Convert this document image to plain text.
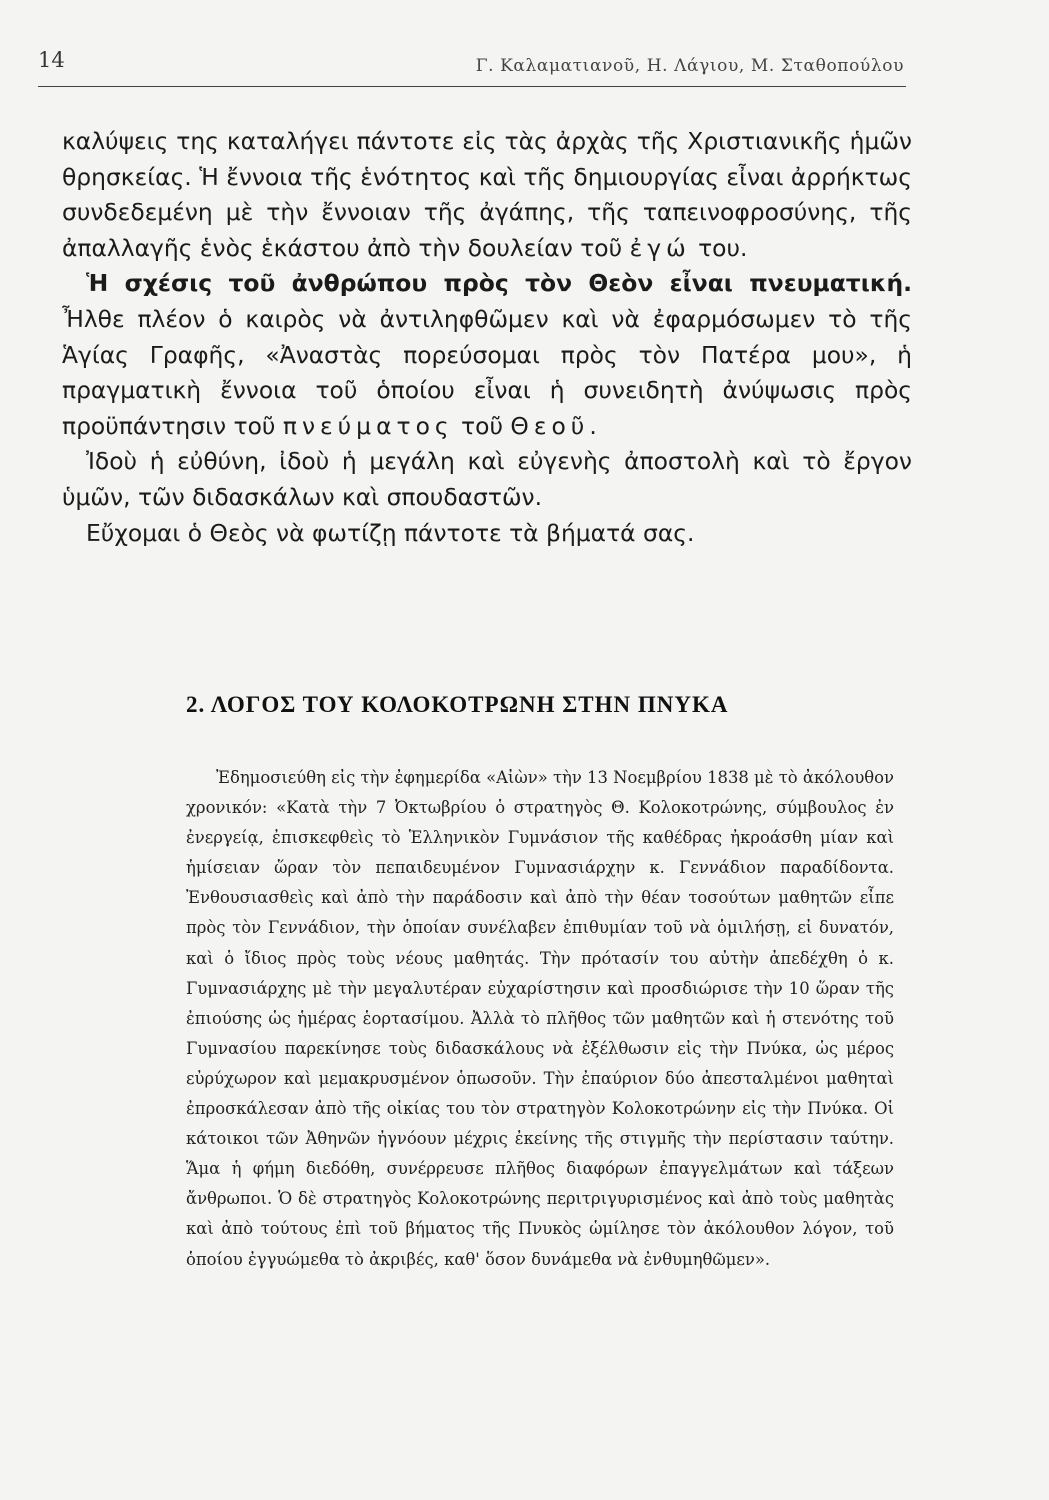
14	Γ. Καλαματιανοῦ, Η. Λάγιου, Μ. Σταθοπούλου

καλύψεις της καταλήγει πάντοτε εἰς τὰς ἀρχὰς τῆς Χριστιανικῆς ἡμῶν θρησκείας. Ἡ ἔννοια τῆς ἑνότητος καὶ τῆς δημιουργίας εἶναι ἀρρήκτως συνδεδεμένη μὲ τὴν ἔννοιαν τῆς ἀγάπης, τῆς ταπεινοφροσύνης, τῆς ἀπαλλαγῆς ἑνὸς ἑκάστου ἀπὸ τὴν δουλείαν τοῦ ἐγώ του.

Ἡ σχέσις τοῦ ἀνθρώπου πρὸς τὸν Θεὸν εἶναι πνευματική. Ἦλθε πλέον ὁ καιρὸς νὰ ἀντιληφθῶμεν καὶ νὰ ἐφαρμόσωμεν τὸ τῆς Ἁγίας Γραφῆς, «Ἀναστὰς πορεύσομαι πρὸς τὸν Πατέρα μου», ἡ πραγματικὴ ἔννοια τοῦ ὁποίου εἶναι ἡ συνειδητὴ ἀνύψωσις πρὸς προϋπάντησιν τοῦ πνεύματος τοῦ Θεοῦ.

Ἰδοὺ ἡ εὐθύνη, ἰδοὺ ἡ μεγάλη καὶ εὐγενὴς ἀποστολὴ καὶ τὸ ἔργον ὑμῶν, τῶν διδασκάλων καὶ σπουδαστῶν.

Εὔχομαι ὁ Θεὸς νὰ φωτίζῃ πάντοτε τὰ βήματά σας.

2. ΛΟΓΟΣ ΤΟΥ ΚΟΛΟΚΟΤΡΩΝΗ ΣΤΗΝ ΠΝΥΚΑ

Ἐδημοσιεύθη εἰς τὴν ἐφημερίδα «Αἰὼν» τὴν 13 Νοεμβρίου 1838 μὲ τὸ ἀκόλουθον χρονικόν: «Κατὰ τὴν 7 Ὀκτωβρίου ὁ στρατηγὸς Θ. Κολοκοτρώνης, σύμβουλος ἐν ἐνεργείᾳ, ἐπισκεφθεὶς τὸ Ἑλληνικὸν Γυμνάσιον τῆς καθέδρας ἠκροάσθη μίαν καὶ ἡμίσειαν ὥραν τὸν πεπαιδευμένον Γυμνασιάρχην κ. Γεννάδιον παραδίδοντα. Ἐνθουσιασθεὶς καὶ ἀπὸ τὴν παράδοσιν καὶ ἀπὸ τὴν θέαν τοσούτων μαθητῶν εἶπε πρὸς τὸν Γεννάδιον, τὴν ὁποίαν συνέλαβεν ἐπιθυμίαν τοῦ νὰ ὁμιλήσῃ, εἰ δυνατόν, καὶ ὁ ἴδιος πρὸς τοὺς νέους μαθητάς. Τὴν πρότασίν του αὐτὴν ἀπεδέχθη ὁ κ. Γυμνασιάρχης μὲ τὴν μεγαλυτέραν εὐχαρίστησιν καὶ προσδιώρισε τὴν 10 ὥραν τῆς ἐπιούσης ὡς ἡμέρας ἑορτασίμου. Ἀλλὰ τὸ πλῆθος τῶν μαθητῶν καὶ ἡ στενότης τοῦ Γυμνασίου παρεκίνησε τοὺς διδασκάλους νὰ ἐξέλθωσιν εἰς τὴν Πνύκα, ὡς μέρος εὐρύχωρον καὶ μεμακρυσμένον ὁπωσοῦν. Τὴν ἐπαύριον δύο ἀπεσταλμένοι μαθηταὶ ἐπροσκάλεσαν ἀπὸ τῆς οἰκίας του τὸν στρατηγὸν Κολοκοτρώνην εἰς τὴν Πνύκα. Οἱ κάτοικοι τῶν Ἀθηνῶν ἠγνόουν μέχρις ἐκείνης τῆς στιγμῆς τὴν περίστασιν ταύτην. Ἅμα ἡ φήμη διεδόθη, συνέρρευσε πλῆθος διαφόρων ἐπαγγελμάτων καὶ τάξεων ἄνθρωποι. Ὁ δὲ στρατηγὸς Κολοκοτρώνης περιτριγυρισμένος καὶ ἀπὸ τοὺς μαθητὰς καὶ ἀπὸ τούτους ἐπὶ τοῦ βήματος τῆς Πνυκὸς ὡμίλησε τὸν ἀκόλουθον λόγον, τοῦ ὁποίου ἐγγυώμεθα τὸ ἀκριβές, καθ' ὅσον δυνάμεθα νὰ ἐνθυμηθῶμεν».
